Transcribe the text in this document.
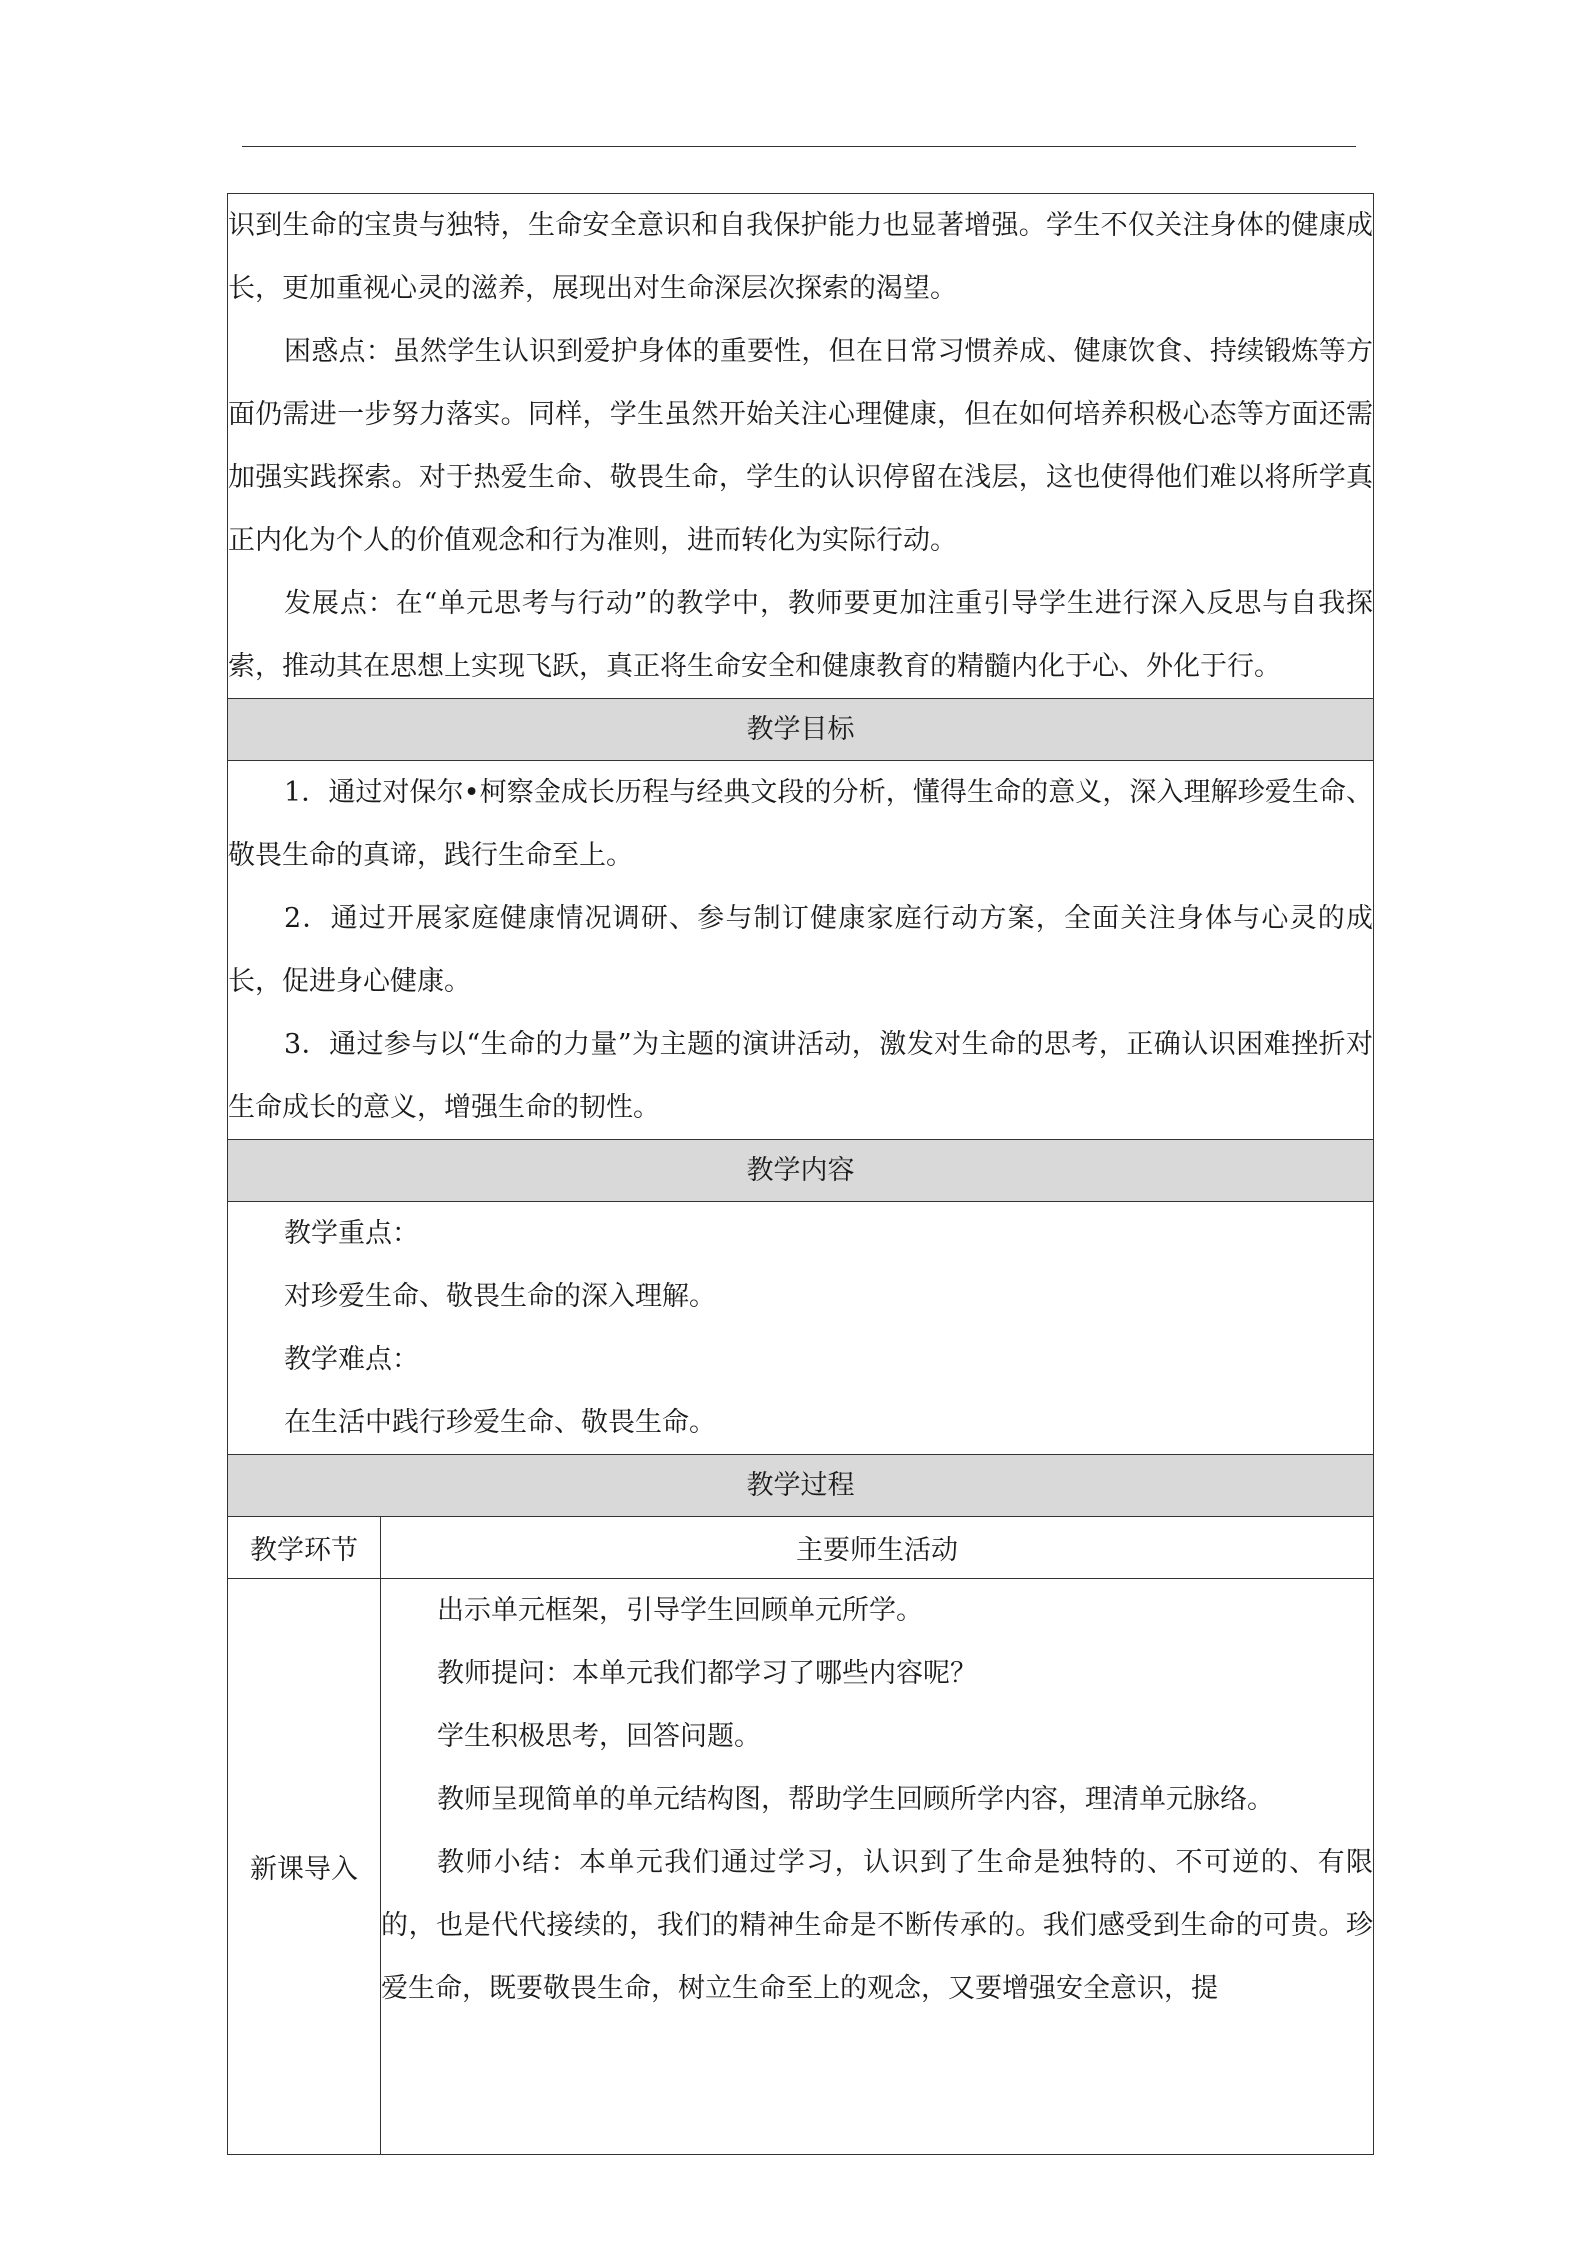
识到生命的宝贵与独特，生命安全意识和自我保护能力也显著增强。学生不仅关注身体的健康成长，更加重视心灵的滋养，展现出对生命深层次探索的渴望。

困惑点：虽然学生认识到爱护身体的重要性，但在日常习惯养成、健康饮食、持续锻炼等方面仍需进一步努力落实。同样，学生虽然开始关注心理健康，但在如何培养积极心态等方面还需加强实践探索。对于热爱生命、敬畏生命，学生的认识停留在浅层，这也使得他们难以将所学真正内化为个人的价值观念和行为准则，进而转化为实际行动。

发展点：在“单元思考与行动”的教学中，教师要更加注重引导学生进行深入反思与自我探索，推动其在思想上实现飞跃，真正将生命安全和健康教育的精髓内化于心、外化于行。	

教学目标	

1．通过对保尔•柯察金成长历程与经典文段的分析，懂得生命的意义，深入理解珍爱生命、敬畏生命的真谛，践行生命至上。

2．通过开展家庭健康情况调研、参与制订健康家庭行动方案，全面关注身体与心灵的成长，促进身心健康。

3．通过参与以“生命的力量”为主题的演讲活动，激发对生命的思考，正确认识困难挫折对生命成长的意义，增强生命的韧性。	

教学内容	

教学重点：

对珍爱生命、敬畏生命的深入理解。

教学难点：

在生活中践行珍爱生命、敬畏生命。	

教学过程	
教学环节	主要师生活动
新课导入	出示单元框架，引导学生回顾单元所学。

教师提问：本单元我们都学习了哪些内容呢？

学生积极思考，回答问题。

教师呈现简单的单元结构图，帮助学生回顾所学内容，理清单元脉络。

教师小结：本单元我们通过学习，认识到了生命是独特的、不可逆的、有限的，也是代代接续的，我们的精神生命是不断传承的。我们感受到生命的可贵。珍爱生命，既要敬畏生命，树立生命至上的观念，又要增强安全意识，提
